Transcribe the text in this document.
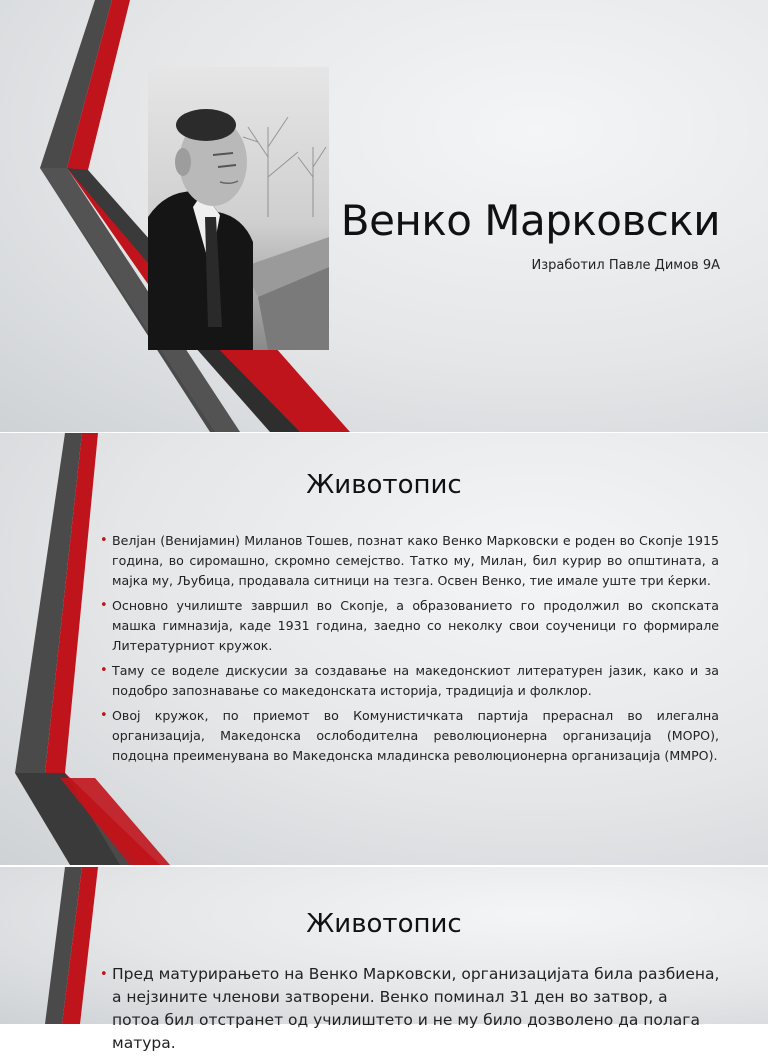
Венко Марковски
Изработил Павле Димов 9А
Животопис
• Велјан (Венијамин) Миланов Тошев, познат како Венко Марковски е роден во Скопје 1915 година, во сиромашно, скромно семејство. Татко му, Милан, бил курир во општината, а мајка му, Љубица, продавала ситници на тезга. Освен Венко, тие имале уште три ќерки.
• Основно училиште завршил во Скопје, а образованието го продолжил во скопската машка гимназија, каде 1931 година, заедно со неколку свои соученици го формирале Литературниот кружок.
• Таму се воделе дискусии за создавање на македонскиот литературен јазик, како и за подобро запознавање со македонската историја, традиција и фолклор.
• Овој кружок, по приемот во Комунистичката партија прераснал во илегална организација, Македонска ослободителна революционерна организација (МОРО), подоцна преименувана во Македонска младинска революционерна организација (ММРО).
Животопис
• Пред матурирањето на Венко Марковски, организацијата била разбиена, а нејзините членови затворени. Венко поминал 31 ден во затвор, а потоа бил отстранет од училиштето и не му било дозволено да полага матура.
